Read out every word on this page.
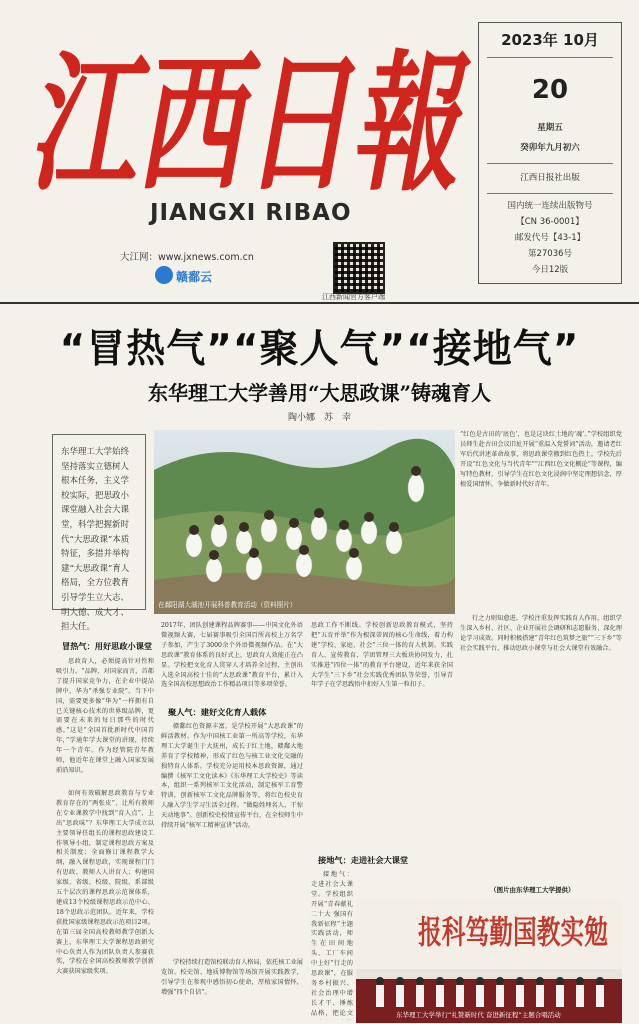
江西日報
JIANGXI RIBAO
大江网：www.jxnews.com.cn
赣鄱云
江西新闻官方客户端
2023年 10月
20
星期五
癸卯年九月初六
江西日报社出版
国内统一连续出版物号
【CN 36-0001】
邮发代号【43-1】
第27036号
今日12版
“冒热气”“聚人气”“接地气”
东华理工大学善用“大思政课”铸魂育人
陶小娜　苏　幸
东华理工大学始终坚持落实立德树人根本任务，主义学校实际，把思政小课堂融入社会大课堂，科学把握新时代“大思政课”本质特征，多措并举构建“大思政课”育人格局，全方位教育引导学生立大志、明大德、成大才、担大任。
在鄱阳湖大湖池开展科普教育活动（资料照片）
冒热气：用好思政小课堂
思政育人，必须提高针对性和吸引力。“品牌，对国家而言，首都了提升国家竞争力，在企业中提品牌中，华为”杀强专业院”。当下中国，需要更多像“华为”一样拥有自已关键核心技术的世界级品牌，更需要在未来的每日那些的时代感。”这是“全国首批新时代中国青年，”学通年学大课堂的讲现，持续年一个青年。作为经管院青年教师，他近年在课堂上融入国家发展前沿知识。
如何有效破解思政教育与专业教育存在的“两张皮”、让所有教师在专业课教学中找到“育人点”、上出“思政味”？东华理工大学成立以主要领导任组长的课程思政建设工作领导小组，制定课程思政方案及相关制度；全面修订课程教学大纲，融入课程思政，实现课程门门有思政、教师人人讲育人；构建国家级、省级、校级、院级、系部级五个层次的课程思政示范课体系，建成13个校级课程思政示范中心、18个思政示范团队。近年来，学校获批国家级课程思政示范项目2项。在第三届全国高校教师教学创新大赛上，东华理工大学课程思政研究中心负责人作为团队负责人参赛获奖，学校在全国高校教师教学创新大赛获国家级奖项。
2017年，团队创建课程品牌赛事——中国文化外语微视频大赛，七届赛事吸引全国百所高校上万名学子参加，产生了3000余个外语微视频作品。在“大思政课”教育体系的良好式上，思政育人效能正在凸显。学校把文化育人贯穿人才培养全过程，主创出入选全国高校十佳的“大思政课”教育平台，累计入选全国高校思想政治工作精品项目等多项荣誉。
聚人气：建好文化育人载体
赣鄱红色资源丰富，是学校开展“大思政课”的鲜活教材。作为中国核工业第一所高等学校，东华理工大学诞生于大抚州，成长于红土地，赣鄱大地养育了学校精神，形成了红色与核工业文化交融的独特育人体系。学校充分运用校本思政资源，通过编撰《核军工文化读本》《东华理工大学校史》等读本，组织一系列核军工文化活动，制定核军工育警特训，创新核军工文化品牌服务等，将红色校史育人融入学生学习生活全过程。“做隐姓埋名人，干惊天动地事”。创新校史校情宣传平台，在全校师生中持续开展“核军工精神宣讲”活动。
学校持续打造馆校联动育人格局，依托核工业展览馆、校史馆、地质博物馆等场馆开展实践教学，引导学生在参观中感悟初心使命，厚植家国情怀，增强“四个自信”。
思政工作不断线。学校创新思政教育模式，坚持把“五育并举”作为根深蒂固的核心生命线，着力构建“学校、家庭、社会”三位一体的育人机制。实践育人、宣传教育、学团管理三大板块协同发力，扎实推进“四位一体”的教育平台建设，近年来获全国大学生“三下乡”社会实践优秀团队等荣誉，引导青年学子在学思践悟中扣好人生第一粒扣子。
接地气：走进社会大课堂
接地气：走进社会大课堂。学校组织开展“青春献礼二十大 强国有我新征程”主题实践活动，师生在田间地头、工厂车间中上好“行走的思政课”，在服务乡村振兴、社会治理中增长才干、锤炼品格，把论文
“红色是古田的‘底色’，也是这块红土地的‘魂’。”学校组织党员师生赴古田会议旧址开展“重温入党誓词”活动，邀请老红军后代讲述革命故事，将思政课堂搬到红色热土。学校先后开设“红色文化与当代青年”“江西红色文化概论”等课程，编写特色教材，引导学生在红色文化浸润中坚定理想信念，厚植爱国情怀，争做新时代好青年。
行之力则知愈进。学校注重发挥实践育人作用，组织学生深入乡村、社区、企业开展社会调研和志愿服务，深化理论学习成效。同时积极搭建“青年红色筑梦之旅”“三下乡”等社会实践平台，推动思政小课堂与社会大课堂有效融合。
（图片由东华理工大学提供）
报科笃勤国教实勉
东华理工大学举行“礼赞新时代 奋进新征程”主题合唱活动
